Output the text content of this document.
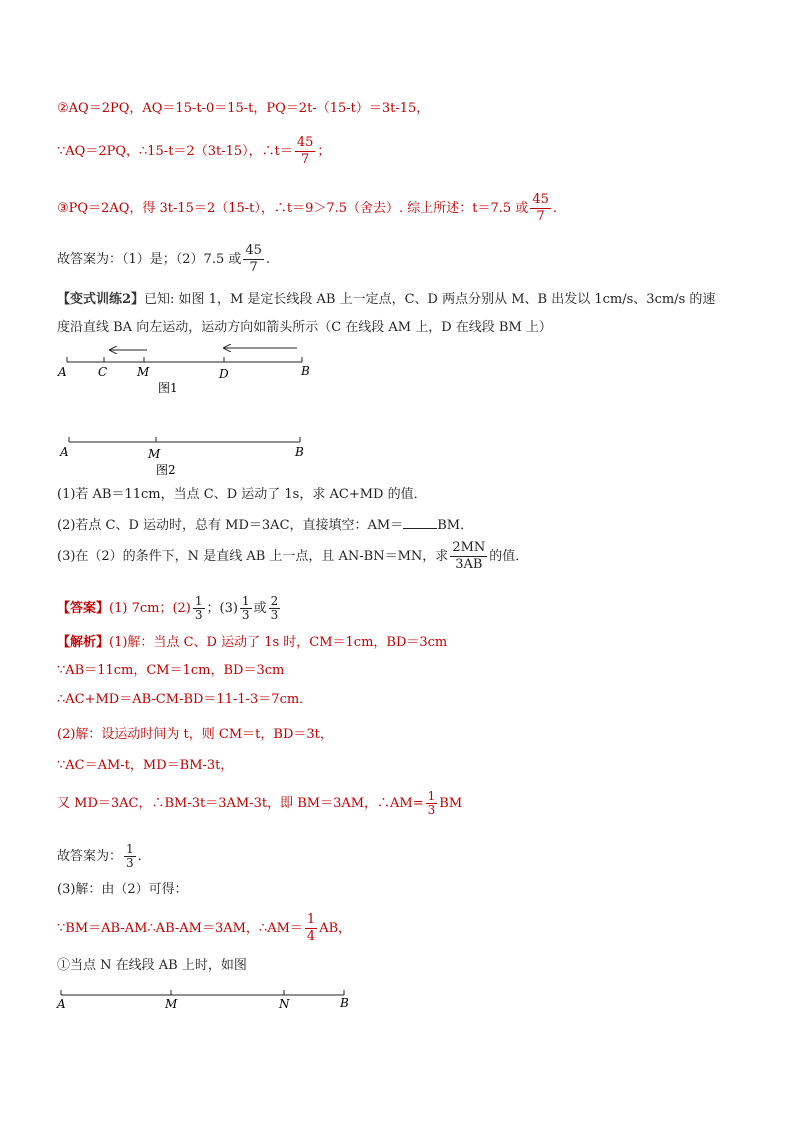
②AQ＝2PQ，AQ＝15-t-0＝15-t，PQ＝2t-（15-t）＝3t-15，
∵AQ＝2PQ，∴15-t＝2（3t-15），∴t＝ $\frac{45}{7}$ ；
③PQ＝2AQ，得 3t-15＝2（15-t），∴t＝9＞7.5（舍去）. 综上所述：t＝7.5 或 $\frac{45}{7}$ .
故答案为：（1）是；（2）7.5 或 $\frac{45}{7}$ .
【变式训练2】已知: 如图 1，M 是定长线段 AB 上一定点，C、D 两点分别从 M、B 出发以 1cm/s、3cm/s 的速
度沿直线 BA 向左运动，运动方向如箭头所示（C 在线段 AM 上，D 在线段 BM 上）
A	C M	D	B
图1
A	M	B
图2
(1)若 AB＝11cm，当点 C、D 运动了 1s，求 AC+MD 的值．
(2)若点 C、D 运动时，总有 MD＝3AC，直接填空：AM＝	BM．
(3)在（2）的条件下，N 是直线 AB 上一点，且 AN-BN＝MN，求 $\frac{2MN}{3AB}$ 的值．
【答案】(1) 7cm；$(2) \frac{1}{3}$ ；$(3) \frac{1}{3}$ 或 $\frac{2}{3}$
【解析】(1)解：当点 C、D 运动了 1s 时，CM＝1cm，BD＝3cm
∵AB＝11cm，CM＝1cm，BD＝3cm
∴AC+MD＝AB-CM-BD＝11-1-3＝7cm．
(2)解：设运动时间为 t，则 CM＝t，BD＝3t，
∵AC＝AM-t，MD＝BM-3t，
又 MD＝3AC，∴BM-3t＝3AM-3t，即 BM＝3AM，∴AM= $\frac{1}{3}$ BM
故答案为： $\frac{1}{3}$ ．
(3)解：由（2）可得：
∵BM＝AB-AM∴AB-AM＝3AM，∴AM＝ $\frac{1}{4}$ AB，
①当点 N 在线段 AB 上时，如图
A	M	N	B
